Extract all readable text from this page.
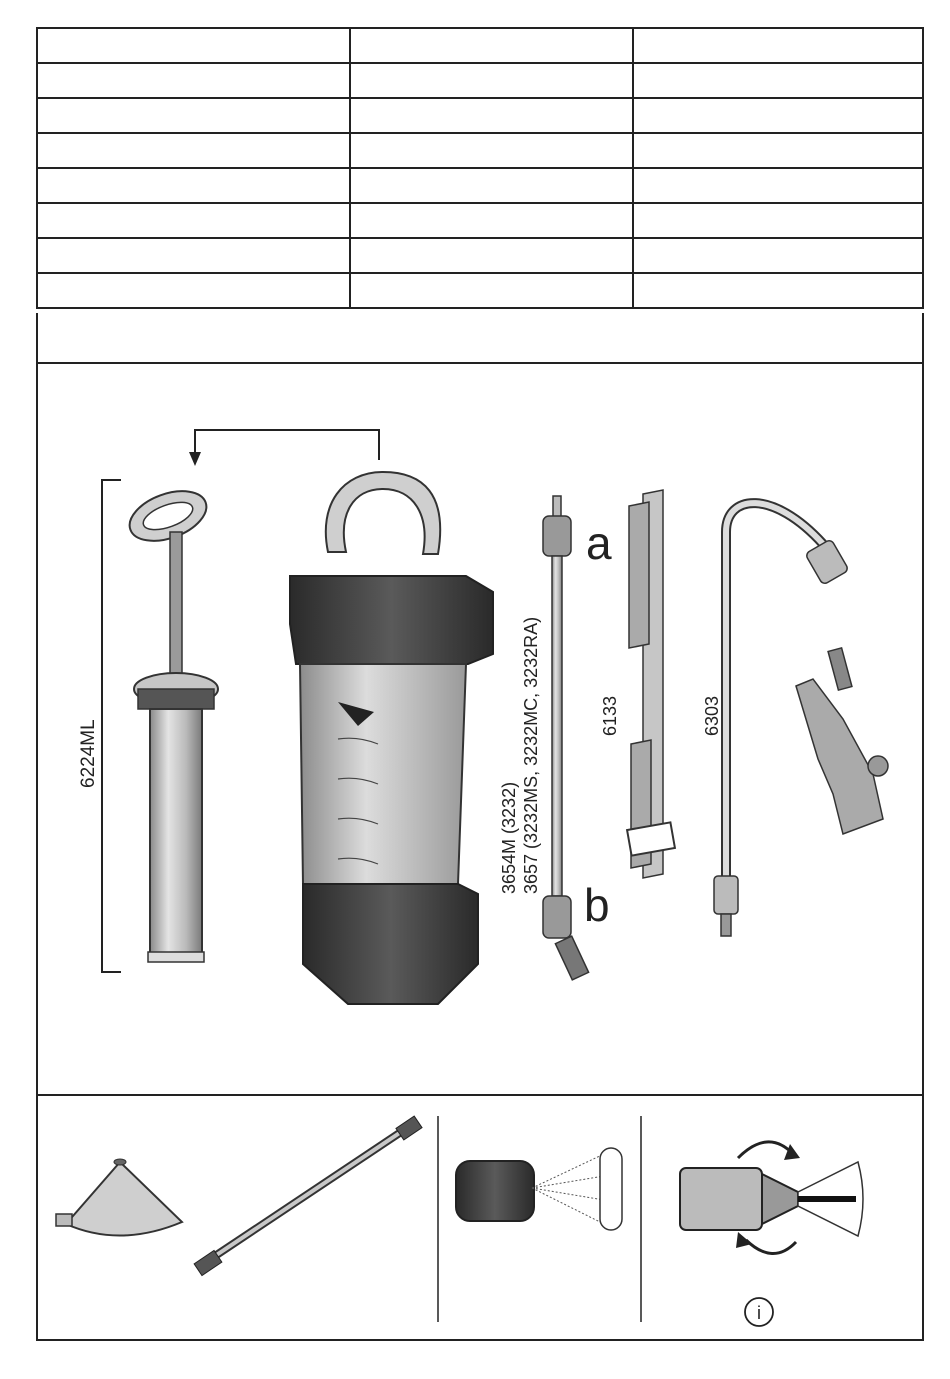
6224ML
a
b
3654M (3232) 3657 (3232MS, 3232MC, 3232RA)	6133	6303
i
